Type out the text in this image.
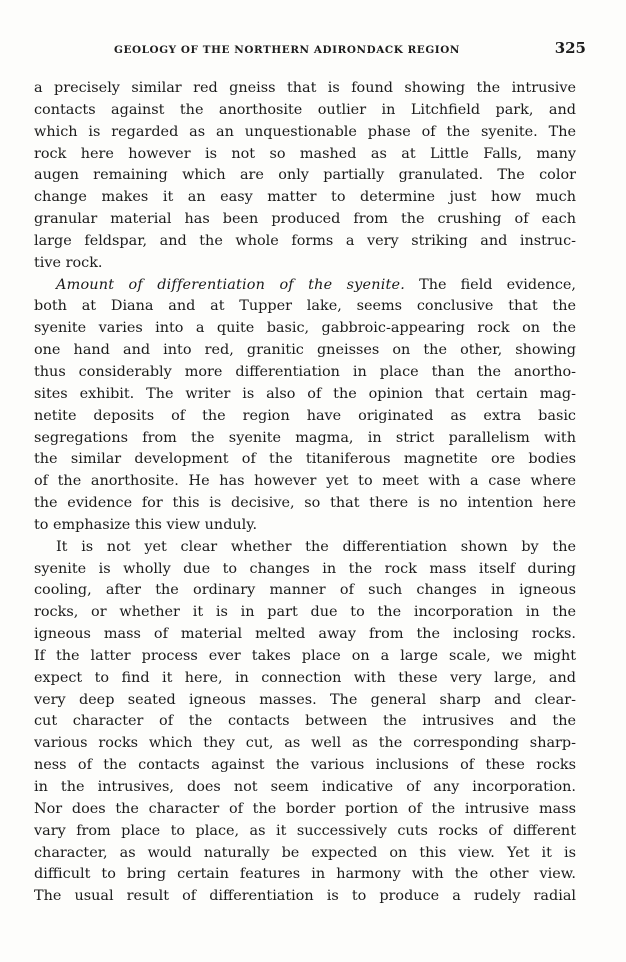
GEOLOGY OF THE NORTHERN ADIRONDACK REGION	325
a precisely similar red gneiss that is found showing the intrusive
contacts against the anorthosite outlier in Litchfield park, and
which is regarded as an unquestionable phase of the syenite. The
rock here however is not so mashed as at Little Falls, many
augen remaining which are only partially granulated. The color
change makes it an easy matter to determine just how much
granular material has been produced from the crushing of each
large feldspar, and the whole forms a very striking and instruc-
tive rock.
Amount of differentiation of the syenite. The field evidence,
both at Diana and at Tupper lake, seems conclusive that the
syenite varies into a quite basic, gabbroic-appearing rock on the
one hand and into red, granitic gneisses on the other, showing
thus considerably more differentiation in place than the anortho-
sites exhibit. The writer is also of the opinion that certain mag-
netite deposits of the region have originated as extra basic
segregations from the syenite magma, in strict parallelism with
the similar development of the titaniferous magnetite ore bodies
of the anorthosite. He has however yet to meet with a case where
the evidence for this is decisive, so that there is no intention here
to emphasize this view unduly.
It is not yet clear whether the differentiation shown by the
syenite is wholly due to changes in the rock mass itself during
cooling, after the ordinary manner of such changes in igneous
rocks, or whether it is in part due to the incorporation in the
igneous mass of material melted away from the inclosing rocks.
If the latter process ever takes place on a large scale, we might
expect to find it here, in connection with these very large, and
very deep seated igneous masses. The general sharp and clear-
cut character of the contacts between the intrusives and the
various rocks which they cut, as well as the corresponding sharp-
ness of the contacts against the various inclusions of these rocks
in the intrusives, does not seem indicative of any incorporation.
Nor does the character of the border portion of the intrusive mass
vary from place to place, as it successively cuts rocks of different
character, as would naturally be expected on this view. Yet it is
difficult to bring certain features in harmony with the other view.
The usual result of differentiation is to produce a rudely radial
